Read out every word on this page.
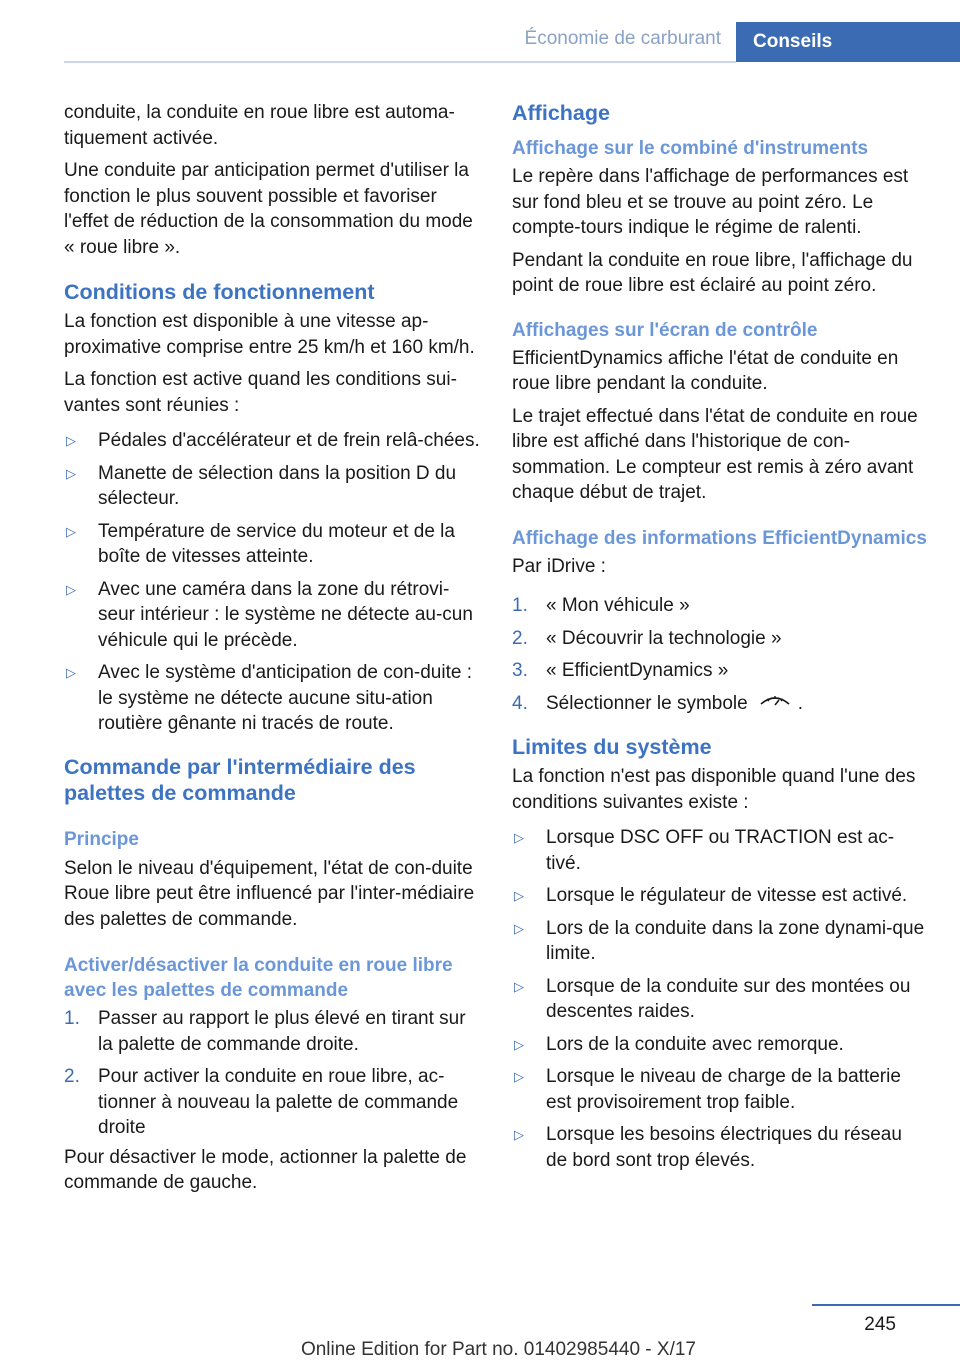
Économie de carburant	Conseils

conduite, la conduite en roue libre est automa‐tiquement activée.

Une conduite par anticipation permet d'utiliser la fonction le plus souvent possible et favoriser l'effet de réduction de la consommation du mode « roue libre ».

Conditions de fonctionnement

La fonction est disponible à une vitesse ap‐proximative comprise entre 25 km/h et 160 km/h.

La fonction est active quand les conditions sui‐vantes sont réunies :

▷ Pédales d'accélérateur et de frein relâ‐chées.
▷ Manette de sélection dans la position D du sélecteur.
▷ Température de service du moteur et de la boîte de vitesses atteinte.
▷ Avec une caméra dans la zone du rétrovi‐seur intérieur : le système ne détecte au‐cun véhicule qui le précède.
▷ Avec le système d'anticipation de con‐duite : le système ne détecte aucune situ‐ation routière gênante ni tracés de route.
Commande par l'intermédiaire des palettes de commande
Principe

Selon le niveau d'équipement, l'état de con‐duite Roue libre peut être influencé par l'inter‐médiaire des palettes de commande.

Activer/désactiver la conduite en roue libre avec les palettes de commande
1. Passer au rapport le plus élevé en tirant sur la palette de commande droite.
2. Pour activer la conduite en roue libre, ac‐tionner à nouveau la palette de commande droite

Pour désactiver le mode, actionner la palette de commande de gauche.

Affichage
Affichage sur le combiné d'instruments

Le repère dans l'affichage de performances est sur fond bleu et se trouve au point zéro. Le compte-tours indique le régime de ralenti.

Pendant la conduite en roue libre, l'affichage du point de roue libre est éclairé au point zéro.

Affichages sur l'écran de contrôle

EfficientDynamics affiche l'état de conduite en roue libre pendant la conduite.

Le trajet effectué dans l'état de conduite en roue libre est affiché dans l'historique de con‐sommation. Le compteur est remis à zéro avant chaque début de trajet.

Affichage des informations EfficientDynamics

Par iDrive :

1. « Mon véhicule »
2. « Découvrir la technologie »
3. « EfficientDynamics »
4. Sélectionner le symbole	.
Limites du système

La fonction n'est pas disponible quand l'une des conditions suivantes existe :

▷ Lorsque DSC OFF ou TRACTION est ac‐tivé.
▷ Lorsque le régulateur de vitesse est activé.
▷ Lors de la conduite dans la zone dynami‐que limite.
▷ Lorsque de la conduite sur des montées ou descentes raides.
▷ Lors de la conduite avec remorque.
▷ Lorsque le niveau de charge de la batterie est provisoirement trop faible.
▷ Lorsque les besoins électriques du réseau de bord sont trop élevés.
245
Online Edition for Part no. 01402985440 - X/17
